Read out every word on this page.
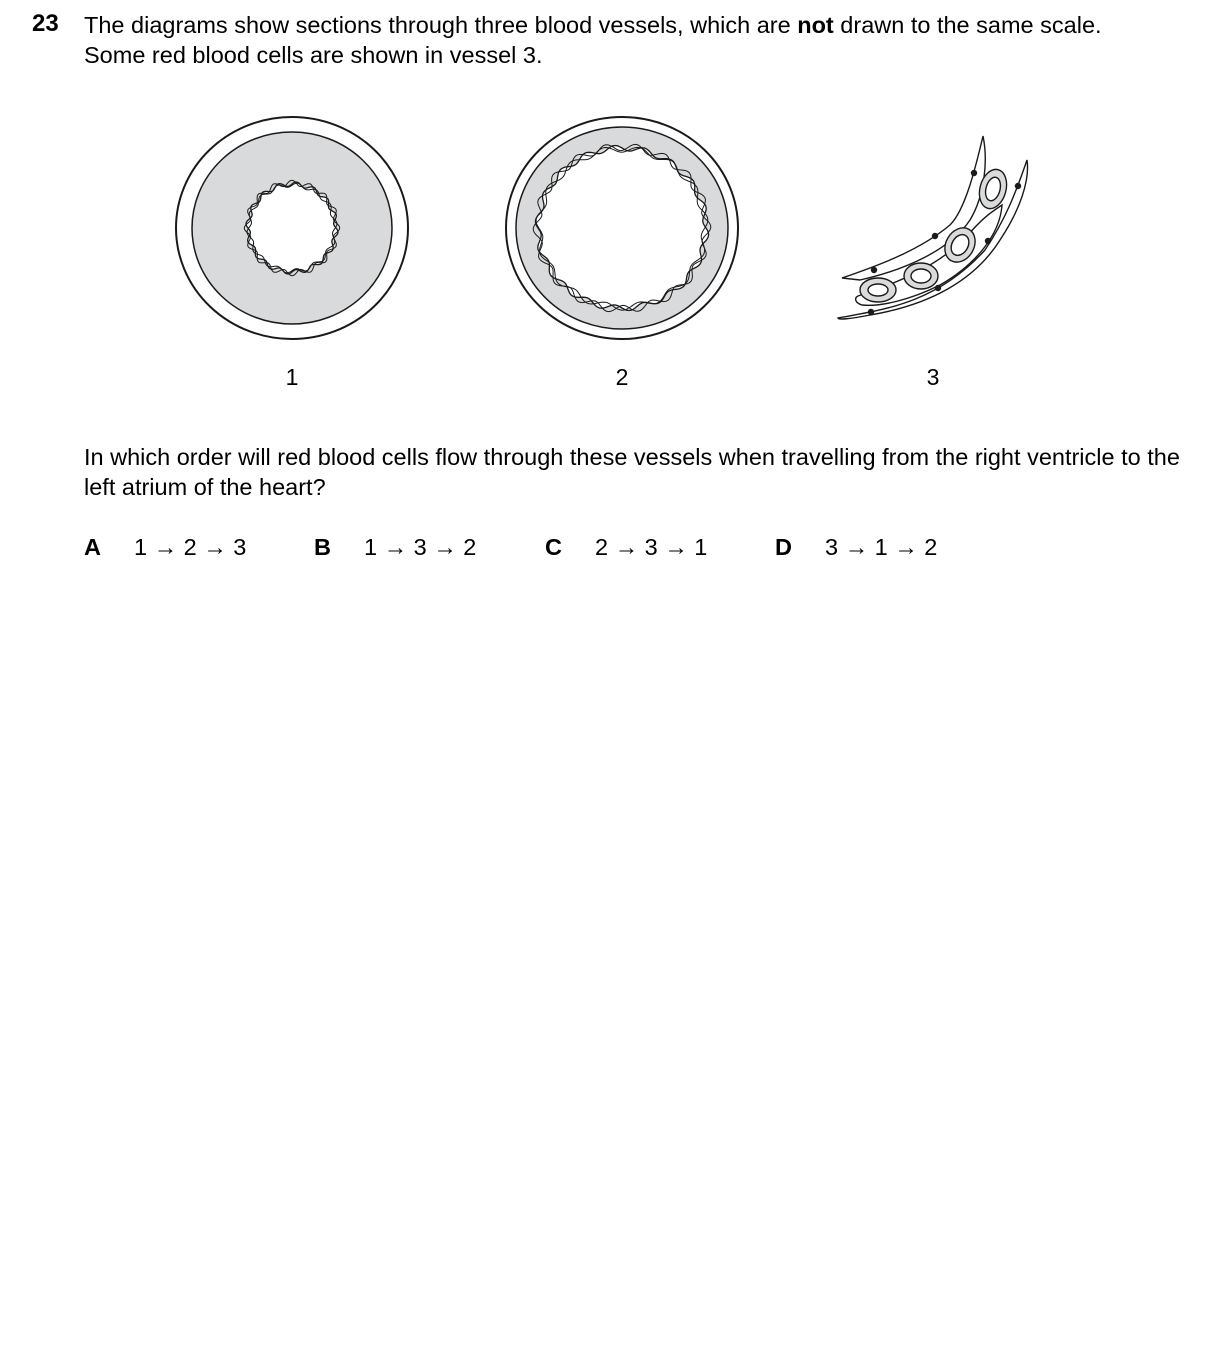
23 The diagrams show sections through three blood vessels, which are not drawn to the same scale.
Some red blood cells are shown in vessel 3.
1	2	3
In which order will red blood cells flow through these vessels when travelling from the right ventricle to the left atrium of the heart?
A 1 → 2 → 3	B 1 → 3 → 2	C 2 → 3 → 1	D 3 → 1 → 2
